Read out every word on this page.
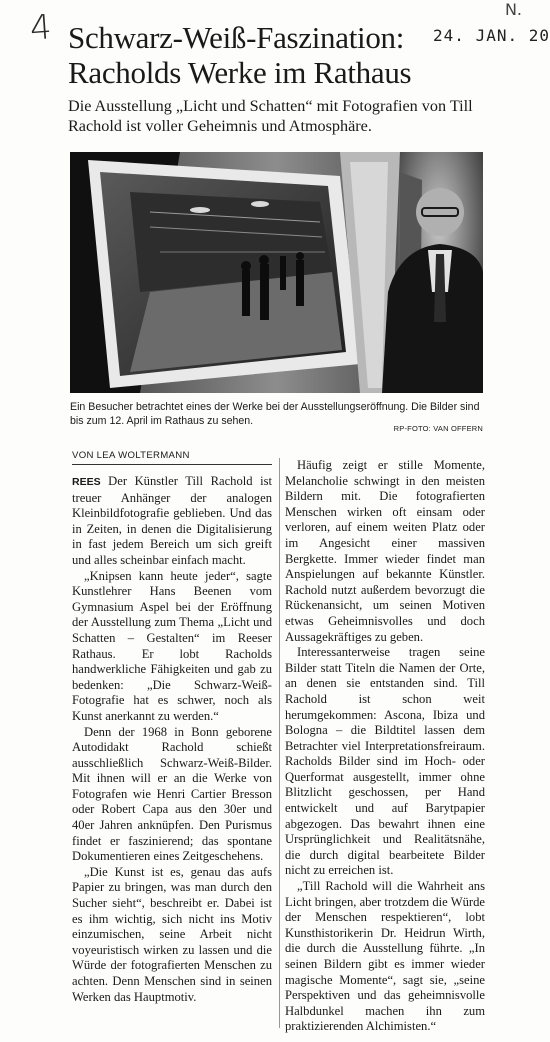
4	N.
24. JAN. 20
Schwarz-Weiß-Faszination:
Racholds Werke im Rathaus

Die Ausstellung „Licht und Schatten“ mit Fotografien von Till Rachold ist voller Geheimnis und Atmosphäre.

Ein Besucher betrachtet eines der Werke bei der Ausstellungseröffnung. Die Bilder sind bis zum 12. April im Rathaus zu sehen.

RP-FOTO: VAN OFFERN
VON LEA WOLTERMANN

REES Der Künstler Till Rachold ist treuer Anhänger der analogen Kleinbildfotografie geblieben. Und das in Zeiten, in denen die Digitalisierung in fast jedem Bereich um sich greift und alles scheinbar einfach macht.

„Knipsen kann heute jeder“, sagte Kunstlehrer Hans Beenen vom Gymnasium Aspel bei der Eröffnung der Ausstellung zum Thema „Licht und Schatten – Gestalten“ im Reeser Rathaus. Er lobt Racholds handwerkliche Fähigkeiten und gab zu bedenken: „Die Schwarz-Weiß-Fotografie hat es schwer, noch als Kunst anerkannt zu werden.“

Denn der 1968 in Bonn geborene Autodidakt Rachold schießt ausschließlich Schwarz-Weiß-Bilder. Mit ihnen will er an die Werke von Fotografen wie Henri Cartier Bresson oder Robert Capa aus den 30er und 40er Jahren anknüpfen. Den Purismus findet er faszinierend; das spontane Dokumentieren eines Zeitgeschehens.

„Die Kunst ist es, genau das aufs Papier zu bringen, was man durch den Sucher sieht“, beschreibt er. Dabei ist es ihm wichtig, sich nicht ins Motiv einzumischen, seine Arbeit nicht voyeuristisch wirken zu lassen und die Würde der fotografierten Menschen zu achten. Denn Menschen sind in seinen Werken das Hauptmotiv.

Häufig zeigt er stille Momente, Melancholie schwingt in den meisten Bildern mit. Die fotografierten Menschen wirken oft einsam oder verloren, auf einem weiten Platz oder im Angesicht einer massiven Bergkette. Immer wieder findet man Anspielungen auf bekannte Künstler. Rachold nutzt außerdem bevorzugt die Rückenansicht, um seinen Motiven etwas Geheimnisvolles und doch Aussagekräftiges zu geben.

Interessanterweise tragen seine Bilder statt Titeln die Namen der Orte, an denen sie entstanden sind. Till Rachold ist schon weit herumgekommen: Ascona, Ibiza und Bologna – die Bildtitel lassen dem Betrachter viel Interpretationsfreiraum. Racholds Bilder sind im Hoch- oder Querformat ausgestellt, immer ohne Blitzlicht geschossen, per Hand entwickelt und auf Barytpapier abgezogen. Das bewahrt ihnen eine Ursprünglichkeit und Realitätsnähe, die durch digital bearbeitete Bilder nicht zu erreichen ist.

„Till Rachold will die Wahrheit ans Licht bringen, aber trotzdem die Würde der Menschen respektieren“, lobt Kunsthistorikerin Dr. Heidrun Wirth, die durch die Ausstellung führte. „In seinen Bildern gibt es immer wieder magische Momente“, sagt sie, „seine Perspektiven und das geheimnisvolle Halbdunkel machen ihn zum praktizierenden Alchimisten.“
